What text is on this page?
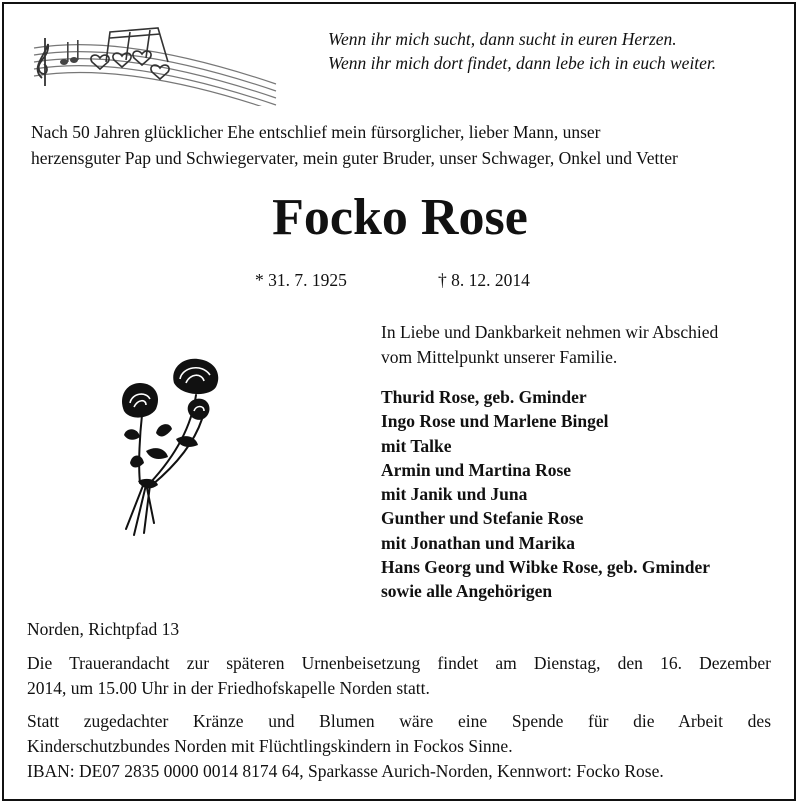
Wenn ihr mich sucht, dann sucht in euren Herzen.
Wenn ihr mich dort findet, dann lebe ich in euch weiter.
Nach 50 Jahren glücklicher Ehe entschlief mein fürsorglicher, lieber Mann, unser
herzensguter Pap und Schwiegervater, mein guter Bruder, unser Schwager, Onkel und Vetter
Focko Rose
* 31. 7. 1925	† 8. 12. 2014
In Liebe und Dankbarkeit nehmen wir Abschied
vom Mittelpunkt unserer Familie.
Thurid Rose, geb. Gminder
Ingo Rose und Marlene Bingel
mit Talke
Armin und Martina Rose
mit Janik und Juna
Gunther und Stefanie Rose
mit Jonathan und Marika
Hans Georg und Wibke Rose, geb. Gminder
sowie alle Angehörigen
Norden, Richtpfad 13
Die Trauerandacht zur späteren Urnenbeisetzung findet am Dienstag, den 16. Dezember
2014, um 15.00 Uhr in der Friedhofskapelle Norden statt.
Statt zugedachter Kränze und Blumen wäre eine Spende für die Arbeit des
Kinderschutzbundes Norden mit Flüchtlingskindern in Fockos Sinne.
IBAN: DE07 2835 0000 0014 8174 64, Sparkasse Aurich-Norden, Kennwort: Focko Rose.
